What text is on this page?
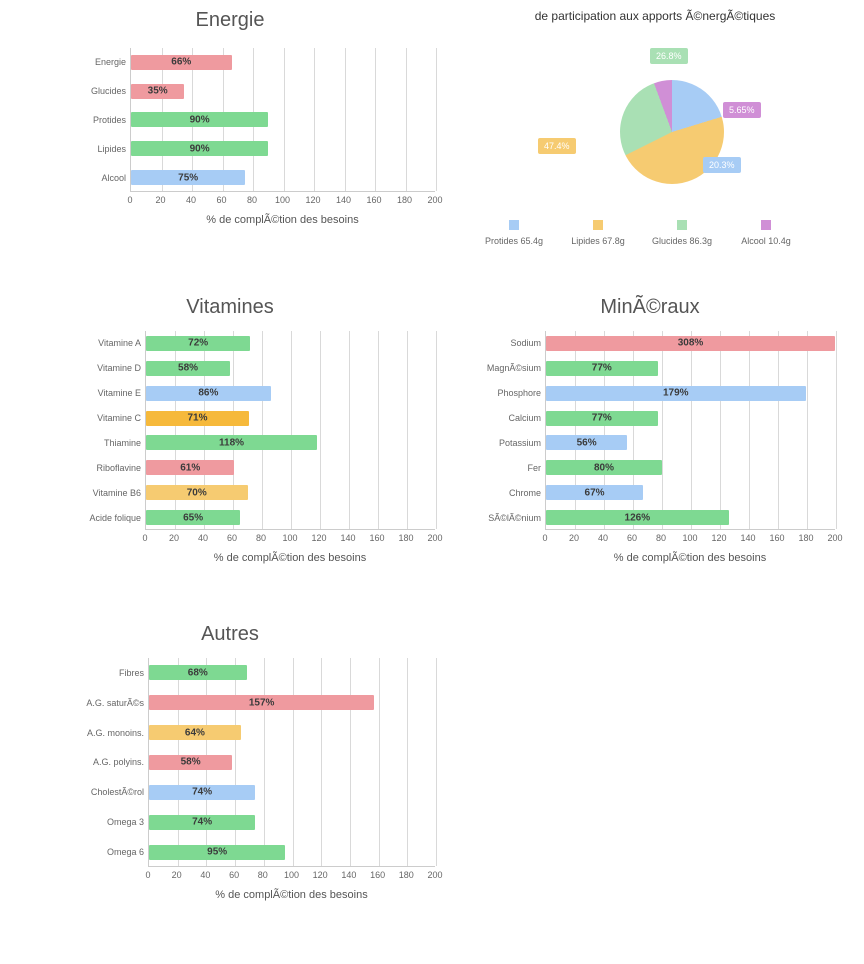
Energie
Energie	66%
Glucides 35%
Protides	90%
Lipides	90%
Alcool	75%
0	20 40 60 80 100 120 140 160 180 200
% de complÃ©tion des besoins
de participation aux apports Ã©nergÃ©tiques
20.3%
47.4%
26.8%
5.65%
Protides 65.4g	Lipides 67.8g	Glucides 86.3g	Alcool 10.4g
Vitamines
Vitamine A	72%
Vitamine D	58%
Vitamine E	86%
Vitamine C	71%
Thiamine	118%
Riboflavine	61%
Vitamine B6	70%
Acide folique	65%
0 20 40 60 80 100 120 140 160 180 200
% de complÃ©tion des besoins
MinÃ©raux
Sodium	308%
MagnÃ©sium	77%
Phosphore	179%
Calcium	77%
Potassium	56%
Fer	80%
Chrome	67%
SÃ©lÃ©nium	126%
0 20 40 60 80 100 120 140 160 180 200
% de complÃ©tion des besoins
Autres
Fibres	68%
A.G. saturÃ©s	157%
A.G. monoins.	64%
A.G. polyins.	58%
CholestÃ©rol	74%
Omega 3	74%
Omega 6	95%
0 20 40 60 80 100 120 140 160 180 200
% de complÃ©tion des besoins
